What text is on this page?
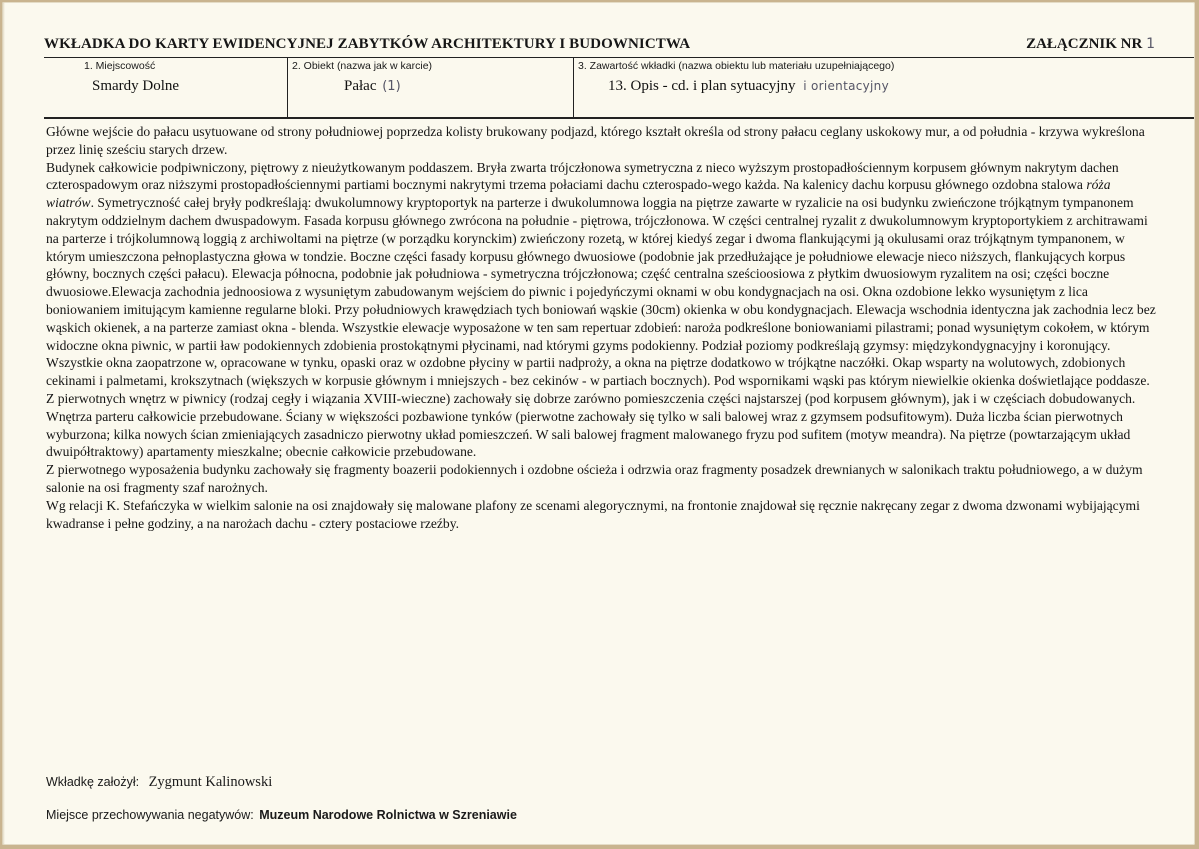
WKŁADKA DO KARTY EWIDENCYJNEJ ZABYTKÓW ARCHITEKTURY I BUDOWNICTWA	ZAŁĄCZNIK NR 1
1. Miejscowość
Smardy Dolne
2. Obiekt (nazwa jak w karcie)
Pałac (1)
3. Zawartość wkładki (nazwa obiektu lub materiału uzupełniającego)
13. Opis - cd. i plan sytuacyjny i orientacyjny

Główne wejście do pałacu usytuowane od strony południowej poprzedza kolisty brukowany podjazd, którego kształt określa od strony pałacu ceglany uskokowy mur, a od południa - krzywa wykreślona przez linię sześciu starych drzew.

Budynek całkowicie podpiwniczony, piętrowy z nieużytkowanym poddaszem. Bryła zwarta trójczłonowa symetryczna z nieco wyższym prostopadłościennym korpusem głównym nakrytym dachen czterospadowym oraz niższymi prostopadłościennymi partiami bocznymi nakrytymi trzema połaciami dachu czterospado-wego każda. Na kalenicy dachu korpusu głównego ozdobna stalowa róża wiatrów. Symetryczność całej bryły podkreślają: dwukolumnowy kryptoportyk na parterze i dwukolumnowa loggia na piętrze zawarte w ryzalicie na osi budynku zwieńczone trójkątnym tympanonem nakrytym oddzielnym dachem dwuspadowym. Fasada korpusu głównego zwrócona na południe - piętrowa, trójczłonowa. W części centralnej ryzalit z dwukolumnowym kryptoportykiem z architrawami na parterze i trójkolumnową loggią z archiwoltami na piętrze (w porządku korynckim) zwieńczony rozetą, w której kiedyś zegar i dwoma flankującymi ją okulusami oraz trójkątnym tympanonem, w którym umieszczona pełnoplastyczna głowa w tondzie. Boczne części fasady korpusu głównego dwuosiowe (podobnie jak przedłużające je południowe elewacje nieco niższych, flankujących korpus główny, bocznych części pałacu). Elewacja północna, podobnie jak południowa - symetryczna trójczłonowa; część centralna sześcioosiowa z płytkim dwuosiowym ryzalitem na osi; części boczne dwuosiowe.Elewacja zachodnia jednoosiowa z wysuniętym zabudowanym wejściem do piwnic i pojedyńczymi oknami w obu kondygnacjach na osi. Okna ozdobione lekko wysuniętym z lica boniowaniem imitującym kamienne regularne bloki. Przy południowych krawędziach tych boniowań wąskie (30cm) okienka w obu kondygnacjach. Elewacja wschodnia identyczna jak zachodnia lecz bez wąskich okienek, a na parterze zamiast okna - blenda. Wszystkie elewacje wyposażone w ten sam repertuar zdobień: naroża podkreślone boniowaniami pilastrami; ponad wysuniętym cokołem, w którym widoczne okna piwnic, w partii ław podokiennych zdobienia prostokątnymi płycinami, nad którymi gzyms podokienny. Podział poziomy podkreślają gzymsy: międzykondygnacyjny i koronujący. Wszystkie okna zaopatrzone w, opracowane w tynku, opaski oraz w ozdobne płyciny w partii nadproży, a okna na piętrze dodatkowo w trójkątne naczółki. Okap wsparty na wolutowych, zdobionych cekinami i palmetami, krokszytnach (większych w korpusie głównym i mniejszych - bez cekinów - w partiach bocznych). Pod wspornikami wąski pas którym niewielkie okienka doświetlające poddasze.

Z pierwotnych wnętrz w piwnicy (rodzaj cegły i wiązania XVIII-wieczne) zachowały się dobrze zarówno pomieszczenia części najstarszej (pod korpusem głównym), jak i w częściach dobudowanych.

Wnętrza parteru całkowicie przebudowane. Ściany w większości pozbawione tynków (pierwotne zachowały się tylko w sali balowej wraz z gzymsem podsufitowym). Duża liczba ścian pierwotnych wyburzona; kilka nowych ścian zmieniających zasadniczo pierwotny układ pomieszczeń. W sali balowej fragment malowanego fryzu pod sufitem (motyw meandra). Na piętrze (powtarzającym układ dwuipółtraktowy) apartamenty mieszkalne; obecnie całkowicie przebudowane.

Z pierwotnego wyposażenia budynku zachowały się fragmenty boazerii podokiennych i ozdobne ościeża i odrzwia oraz fragmenty posadzek drewnianych w salonikach traktu południowego, a w dużym salonie na osi fragmenty szaf narożnych.

Wg relacji K. Stefańczyka w wielkim salonie na osi znajdowały się malowane plafony ze scenami alegorycznymi, na frontonie znajdował się ręcznie nakręcany zegar z dwoma dzwonami wybijającymi kwadranse i pełne godziny, a na narożach dachu - cztery postaciowe rzeźby.

Wkładkę założył: Zygmunt Kalinowski
Miejsce przechowywania negatywów: Muzeum Narodowe Rolnictwa w Szreniawie
